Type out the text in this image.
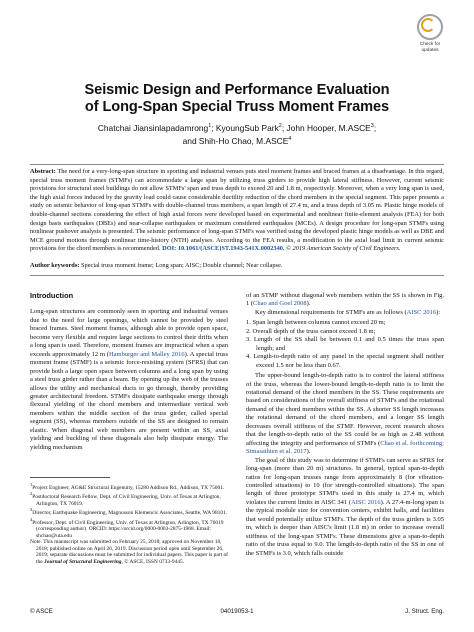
Check for
updates
Seismic Design and Performance Evaluation
of Long-Span Special Truss Moment Frames
Chatchai Jiansinlapadamrong$^1$; KyoungSub Park$^2$; John Hooper, M.ASCE$^3$;
and Shih-Ho Chao, M.ASCE$^4$
Abstract: The need for a very-long-span structure in sporting and industrial venues puts steel moment frames and braced frames at a disadvantage. In this regard, special truss moment frames (STMFs) can accommodate a large span by utilizing truss girders to provide high lateral stiffness. However, current seismic provisions for structural steel buildings do not allow STMFs' span and truss depth to exceed 20 and 1.8 m, respectively. Moreover, when a very long span is used, the high axial forces induced by the gravity load could cause considerable ductility reduction of the chord members in the special segment. This paper presents a study on seismic behavior of long-span STMFs with double-channel truss members, a span length of 27.4 m, and a truss depth of 3.05 m. Plastic hinge models of double-channel sections considering the effect of high axial forces were developed based on experimental and nonlinear finite-element analysis (FEA) for both design basis earthquakes (DBEs) and near-collapse earthquakes or maximum considered earthquakes (MCEs). A design procedure for long-span STMFs using nonlinear pushover analysis is presented. The seismic performance of long-span STMFs was verified using the developed plastic hinge models as well as DBE and MCE ground motions through nonlinear time-history (NTH) analyses. According to the FEA results, a modification to the axial load limit in current seismic provisions for the chord members is recommended. DOI: 10.1061/(ASCE)ST.1943-541X.0002340. © 2019 American Society of Civil Engineers.
Author keywords: Special truss moment frame; Long span; AISC; Double channel; Near collapse.
Introduction

Long-span structures are commonly seen in sporting and industrial venues due to the need for large openings, which cannot be provided by steel braced frames. Steel moment frames, although able to provide open space, become very flexible and require large sections to control their drifts when a long span is used. Therefore, moment frames are impractical when a span exceeds approximately 12 m (Hamburger and Malley 2016). A special truss moment frame (STMF) is a seismic force-resisting system (SFRS) that can provide both a large open space between columns and a long span by using a steel truss girder rather than a beam. By opening up the web of the trusses allows the utility and mechanical ducts to go through, thereby providing greater architectural freedom. STMFs dissipate earthquake energy through flexural yielding of the chord members and intermediate vertical web members within the middle section of the truss girder, called special segment (SS), whereas members outside of the SS are designed to remain elastic. When diagonal web members are present within an SS, axial yielding and buckling of these diagonals also help dissipate energy. The yielding mechanism

$^1$Project Engineer, AG&E Structural Engenuity, 15280 Addison Rd., Addison, TX 75001.

$^2$Postdoctoral Research Fellow, Dept. of Civil Engineering, Univ. of Texas at Arlington, Arlington, TX 76019.

$^3$Director, Earthquake Engineering, Magnusson Klemencic Associates, Seattle, WA 98101.

$^4$Professor, Dept. of Civil Engineering, Univ. of Texas at Arlington, Arlington, TX 76019 (corresponding author). ORCID: https://orcid.org/0000-0003-2875-1968. Email: shchao@uta.edu

Note. This manuscript was submitted on February 25, 2018; approved on November 16, 2018; published online on April 26, 2019. Discussion period open until September 26, 2019; separate discussions must be submitted for individual papers. This paper is part of the Journal of Structural Engineering, © ASCE, ISSN 0733-9445.

of an STMF without diagonal web members within the SS is shown in Fig. 1 (Chao and Goel 2008).

Key dimensional requirements for STMFs are as follows (AISC 2016):

1. Span length between columns cannot exceed 20 m;
2. Overall depth of the truss cannot exceed 1.8 m;
3. Length of the SS shall be between 0.1 and 0.5 times the truss span length; and
4. Length-to-depth ratio of any panel in the special segment shall neither exceed 1.5 nor be less than 0.67.

The upper-bound length-to-depth ratio is to control the lateral stiffness of the truss, whereas the lower-bound length-to-depth ratio is to limit the rotational demand of the chord members in the SS. These requirements are based on considerations of the overall stiffness of STMFs and the rotational demand of the chord members within the SS. A shorter SS length increases the rotational demand of the chord members, and a longer SS length decreases overall stiffness of the STMF. However, recent research shows that the length-to-depth ratio of the SS could be as high as 2.48 without affecting the integrity and performance of STMFs (Chao et al. forthcoming; Simasathien et al. 2017).

The goal of this study was to determine if STMFs can serve as SFRS for long-span (more than 20 m) structures. In general, typical span-to-depth ratios for long-span trusses range from approximately 8 (for vibration-controlled situations) to 10 (for strength-controlled situations). The span length of three prototype STMFs used in this study is 27.4 m, which violates the current limits in AISC 341 (AISC 2016). A 27.4-m-long span is the typical module size for convention centers, exhibit halls, and facilities that would potentially utilize STMFs. The depth of the truss girders is 3.05 m, which is deeper than AISC's limit (1.8 m) in order to increase overall stiffness of the long-span STMFs. These dimensions give a span-to-depth ratio of the truss equal to 9.0. The length-to-depth ratio of the SS in one of the STMFs is 3.0, which falls outside

© ASCE	04019053-1	J. Struct. Eng.
